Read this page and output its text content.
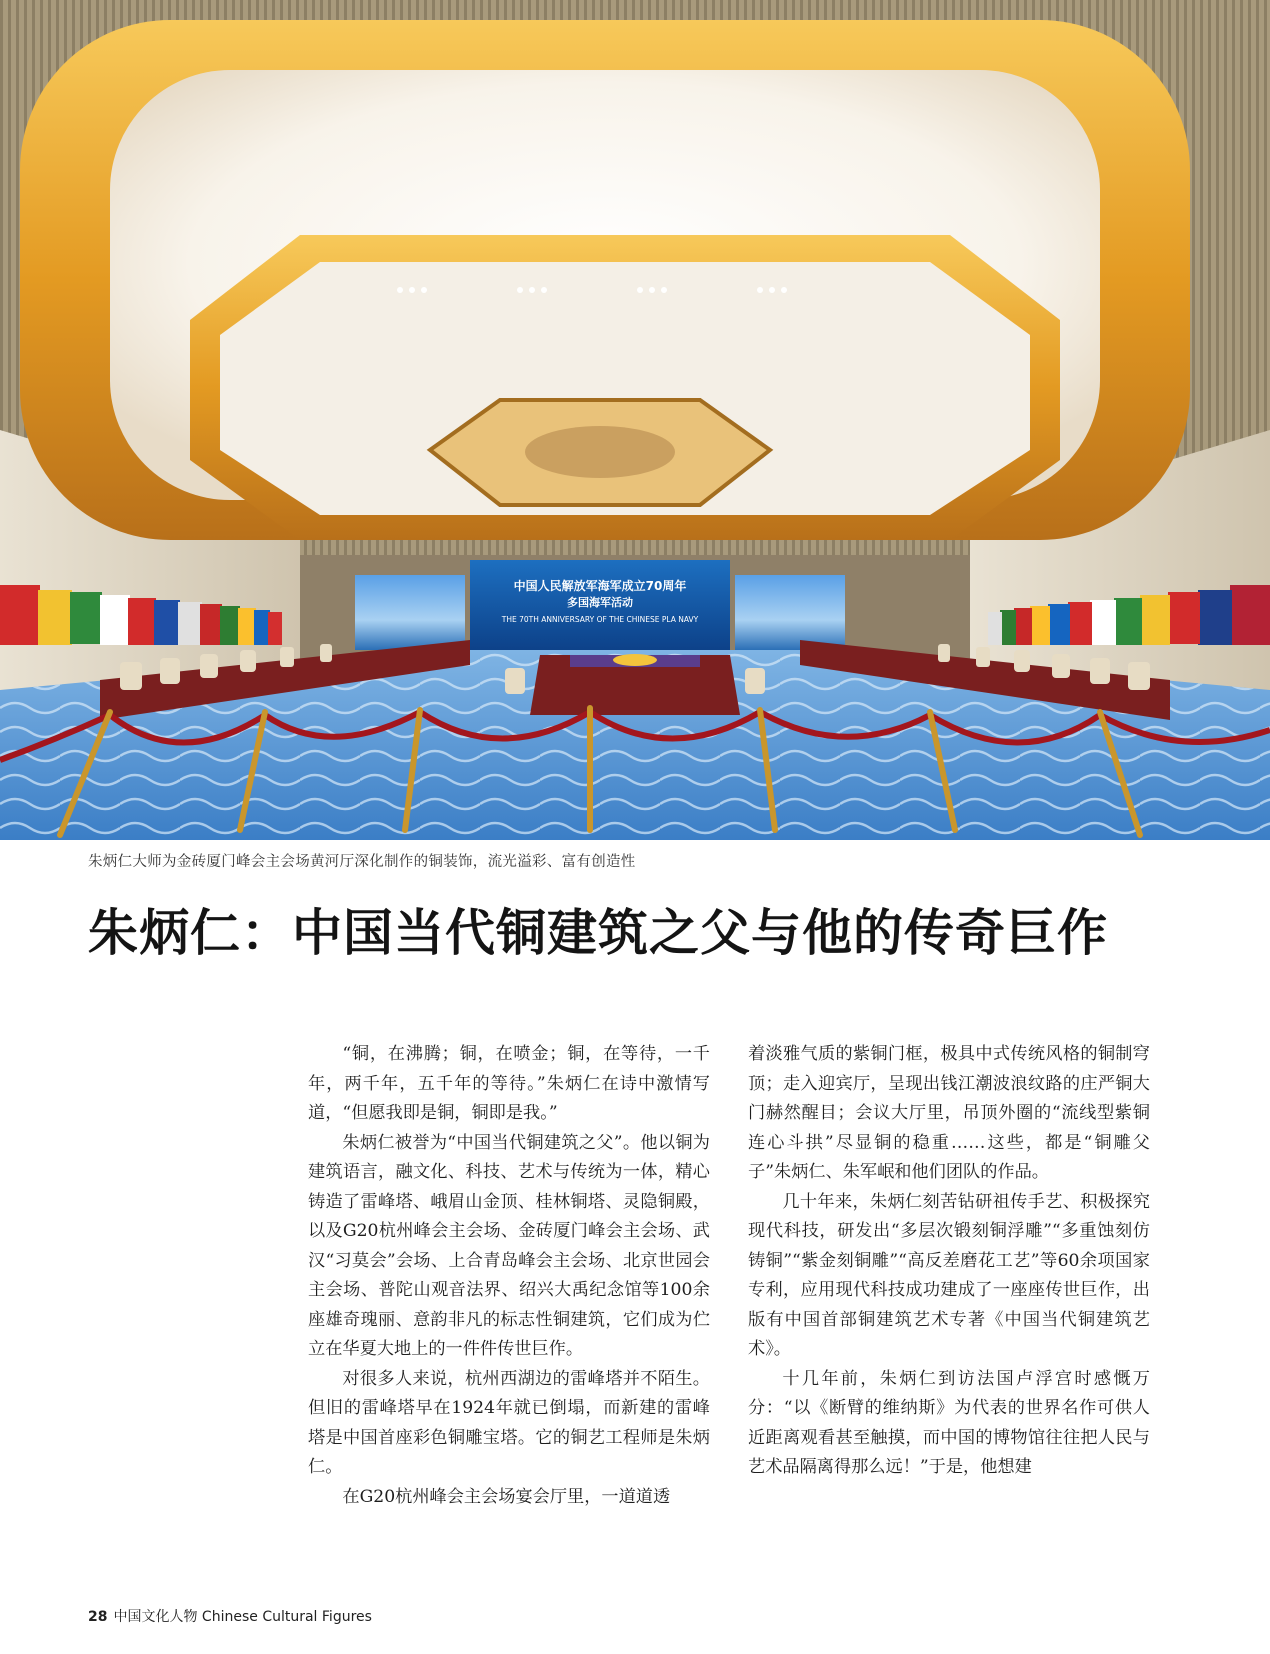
中国人民解放军海军成立70周年
多国海军活动
THE 70TH ANNIVERSARY OF THE CHINESE PLA NAVY
朱炳仁大师为金砖厦门峰会主会场黄河厅深化制作的铜装饰，流光溢彩、富有创造性
朱炳仁：中国当代铜建筑之父与他的传奇巨作

“铜，在沸腾；铜，在喷金；铜，在等待，一千年，两千年，五千年的等待。”朱炳仁在诗中激情写道，“但愿我即是铜，铜即是我。”

朱炳仁被誉为“中国当代铜建筑之父”。他以铜为建筑语言，融文化、科技、艺术与传统为一体，精心铸造了雷峰塔、峨眉山金顶、桂林铜塔、灵隐铜殿，以及G20杭州峰会主会场、金砖厦门峰会主会场、武汉“习莫会”会场、上合青岛峰会主会场、北京世园会主会场、普陀山观音法界、绍兴大禹纪念馆等100余座雄奇瑰丽、意韵非凡的标志性铜建筑，它们成为伫立在华夏大地上的一件件传世巨作。

对很多人来说，杭州西湖边的雷峰塔并不陌生。但旧的雷峰塔早在1924年就已倒塌，而新建的雷峰塔是中国首座彩色铜雕宝塔。它的铜艺工程师是朱炳仁。

在G20杭州峰会主会场宴会厅里，一道道透

着淡雅气质的紫铜门框，极具中式传统风格的铜制穹顶；走入迎宾厅，呈现出钱江潮波浪纹路的庄严铜大门赫然醒目；会议大厅里，吊顶外圈的“流线型紫铜连心斗拱”尽显铜的稳重……这些，都是“铜雕父子”朱炳仁、朱军岷和他们团队的作品。

几十年来，朱炳仁刻苦钻研祖传手艺、积极探究现代科技，研发出“多层次锻刻铜浮雕”“多重蚀刻仿铸铜”“紫金刻铜雕”“高反差磨花工艺”等60余项国家专利，应用现代科技成功建成了一座座传世巨作，出版有中国首部铜建筑艺术专著《中国当代铜建筑艺术》。

十几年前，朱炳仁到访法国卢浮宫时感慨万分：“以《断臂的维纳斯》为代表的世界名作可供人近距离观看甚至触摸，而中国的博物馆往往把人民与艺术品隔离得那么远！”于是，他想建

28 中国文化人物 Chinese Cultural Figures
